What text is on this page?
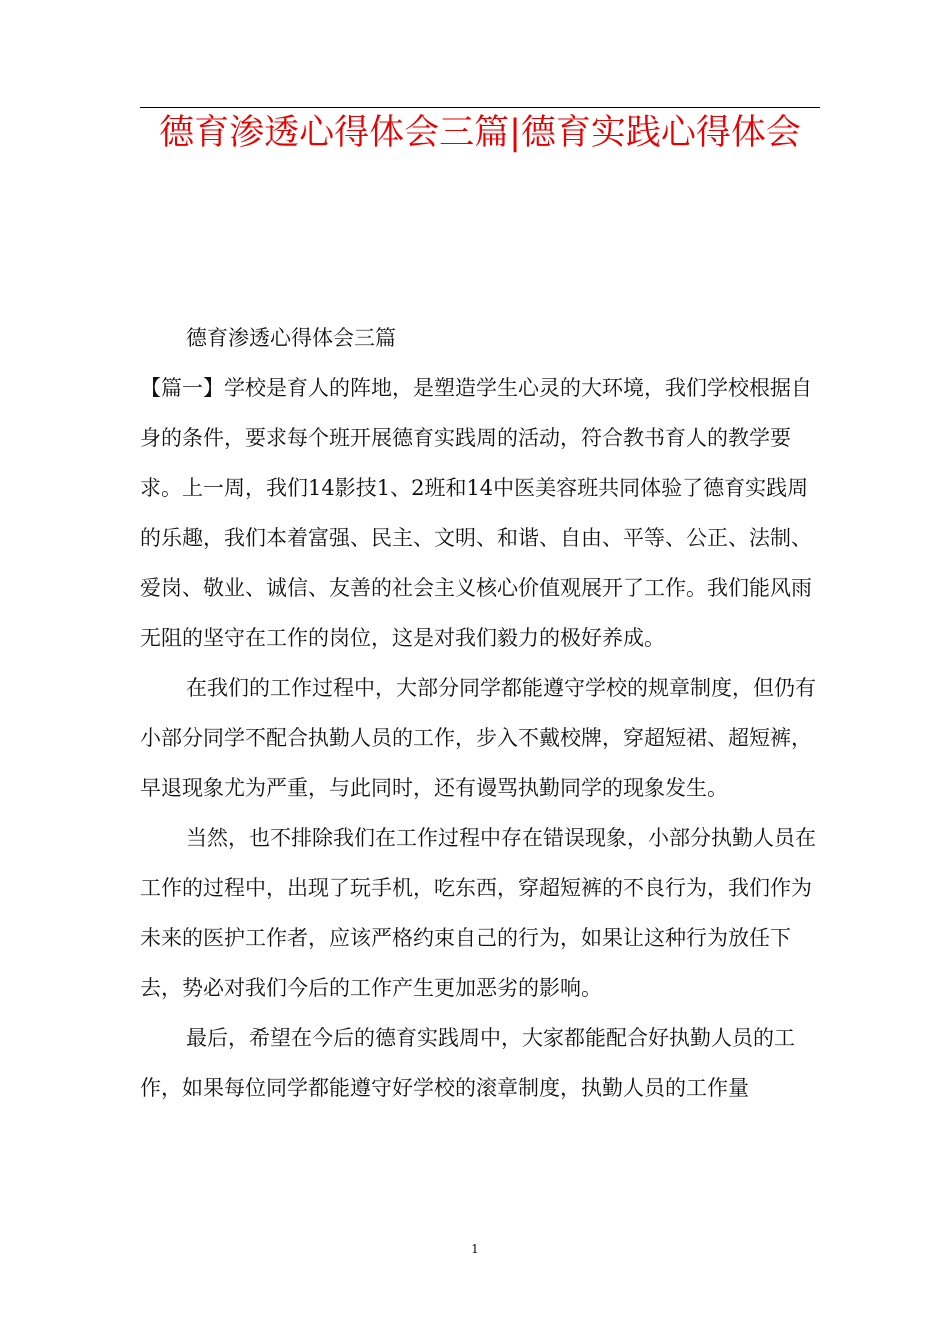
德育渗透心得体会三篇|德育实践心得体会

德育渗透心得体会三篇

【篇一】学校是育人的阵地，是塑造学生心灵的大环境，我们学校根据自身的条件，要求每个班开展德育实践周的活动，符合教书育人的教学要求。上一周，我们14影技1、2班和14中医美容班共同体验了德育实践周的乐趣，我们本着富强、民主、文明、和谐、自由、平等、公正、法制、爱岗、敬业、诚信、友善的社会主义核心价值观展开了工作。我们能风雨无阻的坚守在工作的岗位，这是对我们毅力的极好养成。

在我们的工作过程中，大部分同学都能遵守学校的规章制度，但仍有小部分同学不配合执勤人员的工作，步入不戴校牌，穿超短裙、超短裤，早退现象尤为严重，与此同时，还有谩骂执勤同学的现象发生。

当然，也不排除我们在工作过程中存在错误现象，小部分执勤人员在工作的过程中，出现了玩手机，吃东西，穿超短裤的不良行为，我们作为未来的医护工作者，应该严格约束自己的行为，如果让这种行为放任下去，势必对我们今后的工作产生更加恶劣的影响。

最后，希望在今后的德育实践周中，大家都能配合好执勤人员的工作，如果每位同学都能遵守好学校的滚章制度，执勤人员的工作量

1
